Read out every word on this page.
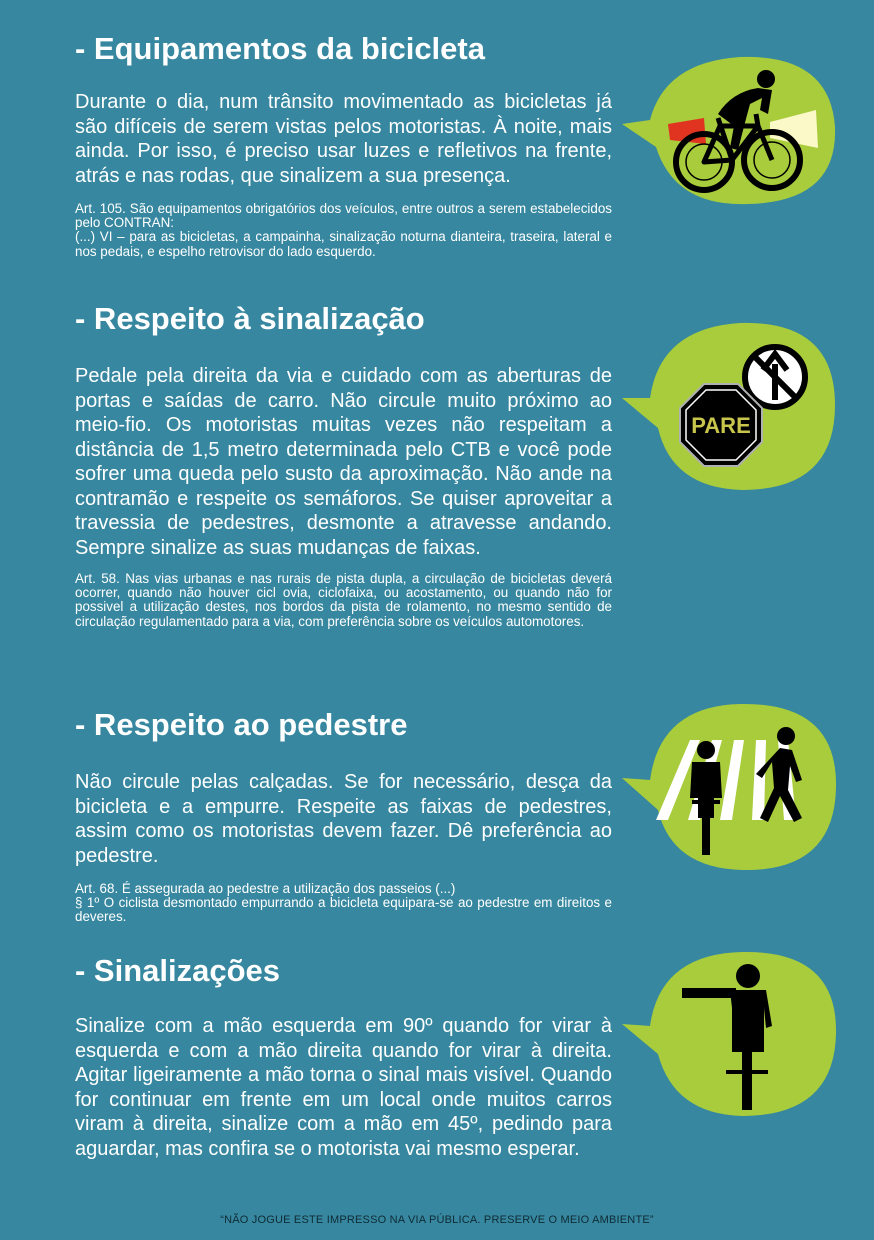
- Equipamentos da bicicleta

Durante o dia, num trânsito movimentado as bicicletas já são difíceis de serem vistas pelos motoristas. À noite, mais ainda. Por isso, é preciso usar luzes e refletivos na frente, atrás e nas rodas, que sinalizem a sua presença.

Art. 105. São equipamentos obrigatórios dos veículos, entre outros a serem estabelecidos pelo CONTRAN:
(...) VI – para as bicicletas, a campainha, sinalização noturna dianteira, traseira, lateral e nos pedais, e espelho retrovisor do lado esquerdo.

- Respeito à sinalização

Pedale pela direita da via e cuidado com as aberturas de portas e saídas de carro. Não circule muito próximo ao meio-fio. Os motoristas muitas vezes não respeitam a distância de 1,5 metro determinada pelo CTB e você pode sofrer uma queda pelo susto da aproximação. Não ande na contramão e respeite os semáforos. Se quiser aproveitar a travessia de pedestres, desmonte a atravesse andando. Sempre sinalize as suas mudanças de faixas.

Art. 58. Nas vias urbanas e nas rurais de pista dupla, a circulação de bicicletas deverá ocorrer, quando não houver cicl ovia, ciclofaixa, ou acostamento, ou quando não for possivel a utilização destes, nos bordos da pista de rolamento, no mesmo sentido de circulação regulamentado para a via, com preferência sobre os veículos automotores.

- Respeito ao pedestre

Não circule pelas calçadas. Se for necessário, desça da bicicleta e a empurre. Respeite as faixas de pedestres, assim como os motoristas devem fazer. Dê preferência ao pedestre.

Art. 68. É assegurada ao pedestre a utilização dos passeios (...)
§ 1º O ciclista desmontado empurrando a bicicleta equipara-se ao pedestre em direitos e deveres.

- Sinalizações

Sinalize com a mão esquerda em 90º quando for virar à esquerda e com a mão direita quando for virar à direita. Agitar ligeiramente a mão torna o sinal mais visível. Quando for continuar em frente em um local onde muitos carros viram à direita, sinalize com a mão em 45º, pedindo para aguardar, mas confira se o motorista vai mesmo esperar.

PARE
“NÃO JOGUE ESTE IMPRESSO NA VIA PÚBLICA. PRESERVE O MEIO AMBIENTE”
